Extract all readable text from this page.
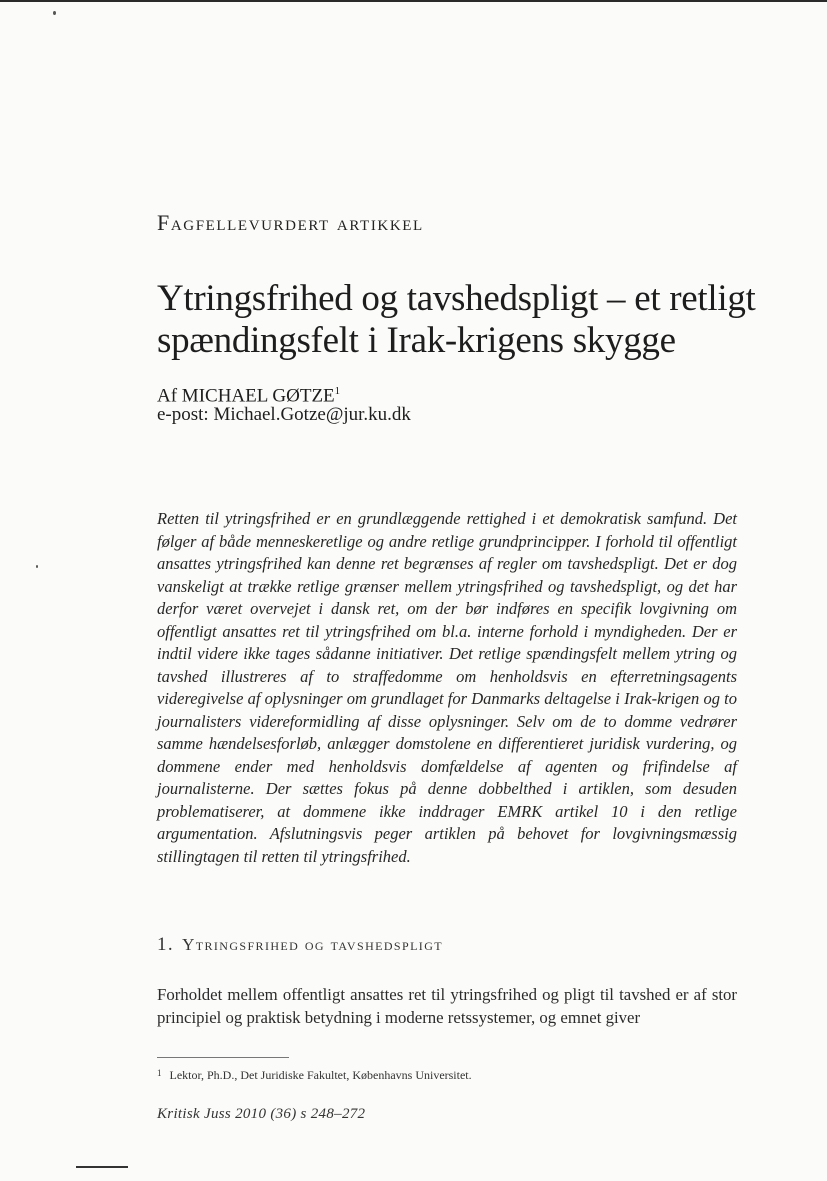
Fagfellevurdert artikkel
Ytringsfrihed og tavshedspligt – et retligt
spændingsfelt i Irak-krigens skygge
Af MICHAEL GØTZE$^1$
e-post: Michael.Gotze@jur.ku.dk
Retten til ytringsfrihed er en grundlæggende rettighed i et demokratisk samfund. Det følger af både menneskeretlige og andre retlige grundprincipper. I forhold til offentligt ansattes ytringsfrihed kan denne ret begrænses af regler om tavshedspligt. Det er dog vanskeligt at trække retlige grænser mellem ytringsfrihed og tavshedspligt, og det har derfor været overvejet i dansk ret, om der bør indføres en specifik lovgivning om offentligt ansattes ret til ytringsfrihed om bl.a. interne forhold i myndigheden. Der er indtil videre ikke tages sådanne initiativer. Det retlige spændingsfelt mellem ytring og tavshed illustreres af to straffedomme om henholdsvis en efterretningsagents videregivelse af oplysninger om grundlaget for Danmarks deltagelse i Irak-krigen og to journalisters videreformidling af disse oplysninger. Selv om de to domme vedrører samme hændelsesforløb, anlægger domstolene en differentieret juridisk vurdering, og dommene ender med henholdsvis domfældelse af agenten og frifindelse af journalisterne. Der sættes fokus på denne dobbelthed i artiklen, som desuden problematiserer, at dommene ikke inddrager EMRK artikel 10 i den retlige argumentation. Afslutningsvis peger artiklen på behovet for lovgivningsmæssig stillingtagen til retten til ytringsfrihed.
1. Ytringsfrihed og tavshedspligt
Forholdet mellem offentligt ansattes ret til ytringsfrihed og pligt til tavshed er af stor principiel og praktisk betydning i moderne retssystemer, og emnet giver
$^1$ Lektor, Ph.D., Det Juridiske Fakultet, Københavns Universitet.
Kritisk Juss 2010 (36) s 248–272
